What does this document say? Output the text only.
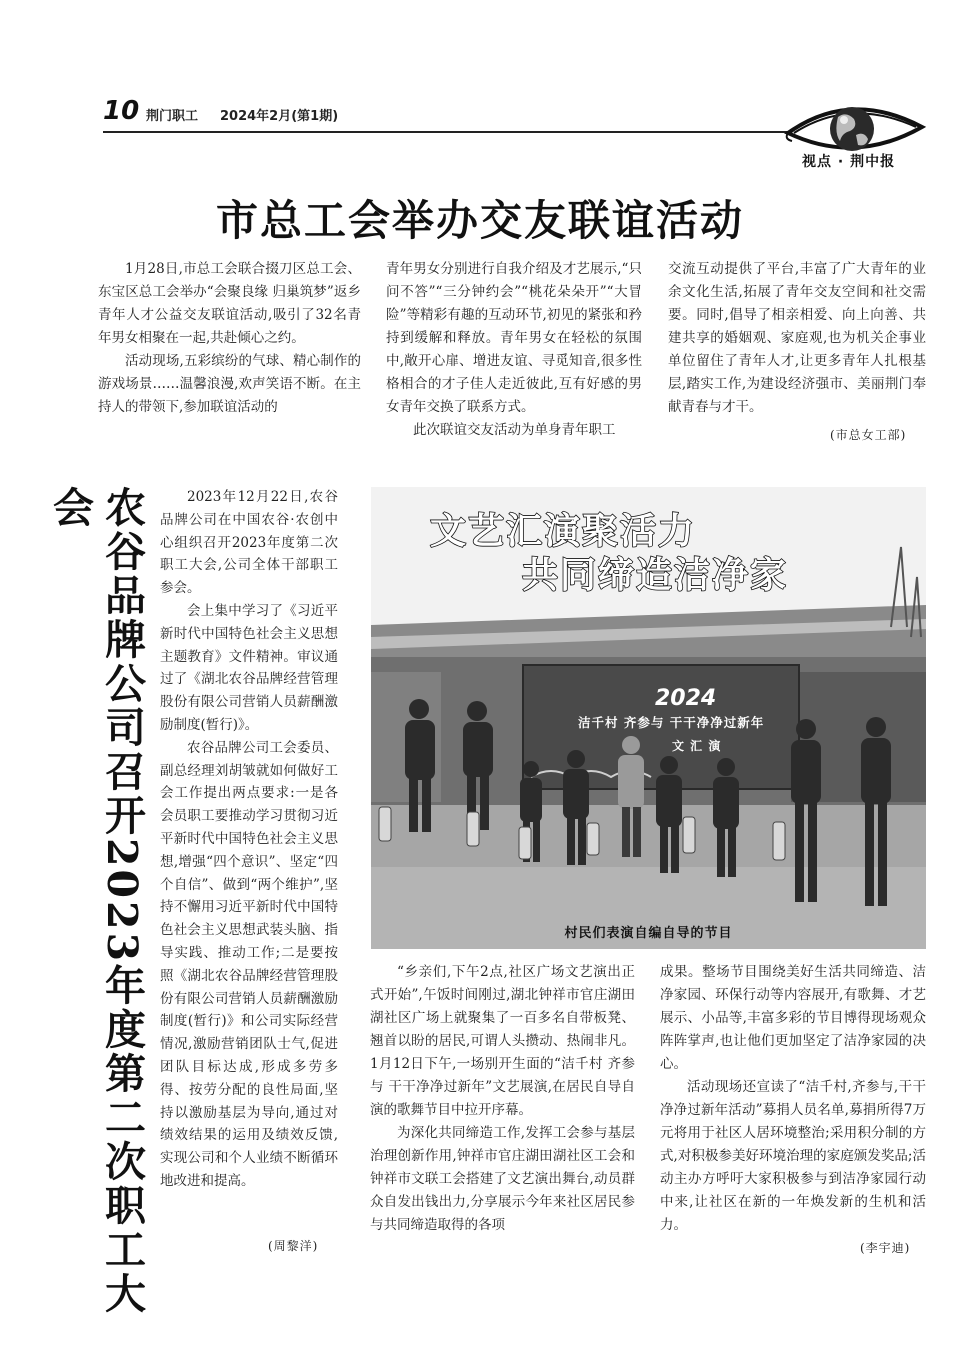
10 荆门职工 2024年2月(第1期)
视点 · 荆中报
市总工会举办交友联谊活动

1月28日,市总工会联合掇刀区总工会、东宝区总工会举办“会聚良缘 归巢筑梦”返乡青年人才公益交友联谊活动,吸引了32名青年男女相聚在一起,共赴倾心之约。

活动现场,五彩缤纷的气球、精心制作的游戏场景……温馨浪漫,欢声笑语不断。在主持人的带领下,参加联谊活动的

青年男女分别进行自我介绍及才艺展示,“只问不答”“三分钟约会”“桃花朵朵开”“大冒险”等精彩有趣的互动环节,初见的紧张和矜持到缓解和释放。青年男女在轻松的氛围中,敞开心扉、增进友谊、寻觅知音,很多性格相合的才子佳人走近彼此,互有好感的男女青年交换了联系方式。

此次联谊交友活动为单身青年职工

交流互动提供了平台,丰富了广大青年的业余文化生活,拓展了青年交友空间和社交需要。同时,倡导了相亲相爱、向上向善、共建共享的婚姻观、家庭观,也为机关企事业单位留住了青年人才,让更多青年人扎根基层,踏实工作,为建设经济强市、美丽荆门奉献青春与才干。

(市总女工部)
农谷品牌公司召开2023年度第二次职工大会	2023年12月22日,农谷品牌公司在中国农谷·农创中心组织召开2023年度第二次职工大会,公司全体干部职工参会。

会上集中学习了《习近平新时代中国特色社会主义思想主题教育》文件精神。审议通过了《湖北农谷品牌经营管理股份有限公司营销人员薪酬激励制度(暂行)》。

农谷品牌公司工会委员、副总经理刘胡皱就如何做好工会工作提出两点要求:一是各会员职工要推动学习贯彻习近平新时代中国特色社会主义思想,增强“四个意识”、坚定“四个自信”、做到“两个维护”,坚持不懈用习近平新时代中国特色社会主义思想武装头脑、指导实践、推动工作;二是要按照《湖北农谷品牌经营管理股份有限公司营销人员薪酬激励制度(暂行)》和公司实际经营情况,激励营销团队士气,促进团队目标达成,形成多劳多得、按劳分配的良性局面,坚持以激励基层为导向,通过对绩效结果的运用及绩效反馈,实现公司和个人业绩不断循环地改进和提高。

(周黎洋)
文艺汇演聚活力
共同缔造洁净家
2024
洁千村 齐参与 干干净净过新年
文 汇 演
村民们表演自编自导的节目

“乡亲们,下午2点,社区广场文艺演出正式开始”,午饭时间刚过,湖北钟祥市官庄湖田湖社区广场上就聚集了一百多名自带板凳、翘首以盼的居民,可谓人头攒动、热闹非凡。1月12日下午,一场别开生面的“洁千村 齐参与 干干净净过新年”文艺展演,在居民自导自演的歌舞节目中拉开序幕。

为深化共同缔造工作,发挥工会参与基层治理创新作用,钟祥市官庄湖田湖社区工会和钟祥市文联工会搭建了文艺演出舞台,动员群众自发出钱出力,分享展示今年来社区居民参与共同缔造取得的各项

成果。整场节目围绕美好生活共同缔造、洁净家园、环保行动等内容展开,有歌舞、才艺展示、小品等,丰富多彩的节目博得现场观众阵阵掌声,也让他们更加坚定了洁净家园的决心。

活动现场还宣读了“洁千村,齐参与,干干净净过新年活动”募捐人员名单,募捐所得7万元将用于社区人居环境整治;采用积分制的方式,对积极参美好环境治理的家庭颁发奖品;活动主办方呼吁大家积极参与到洁净家园行动中来,让社区在新的一年焕发新的生机和活力。

(李宇迪)
